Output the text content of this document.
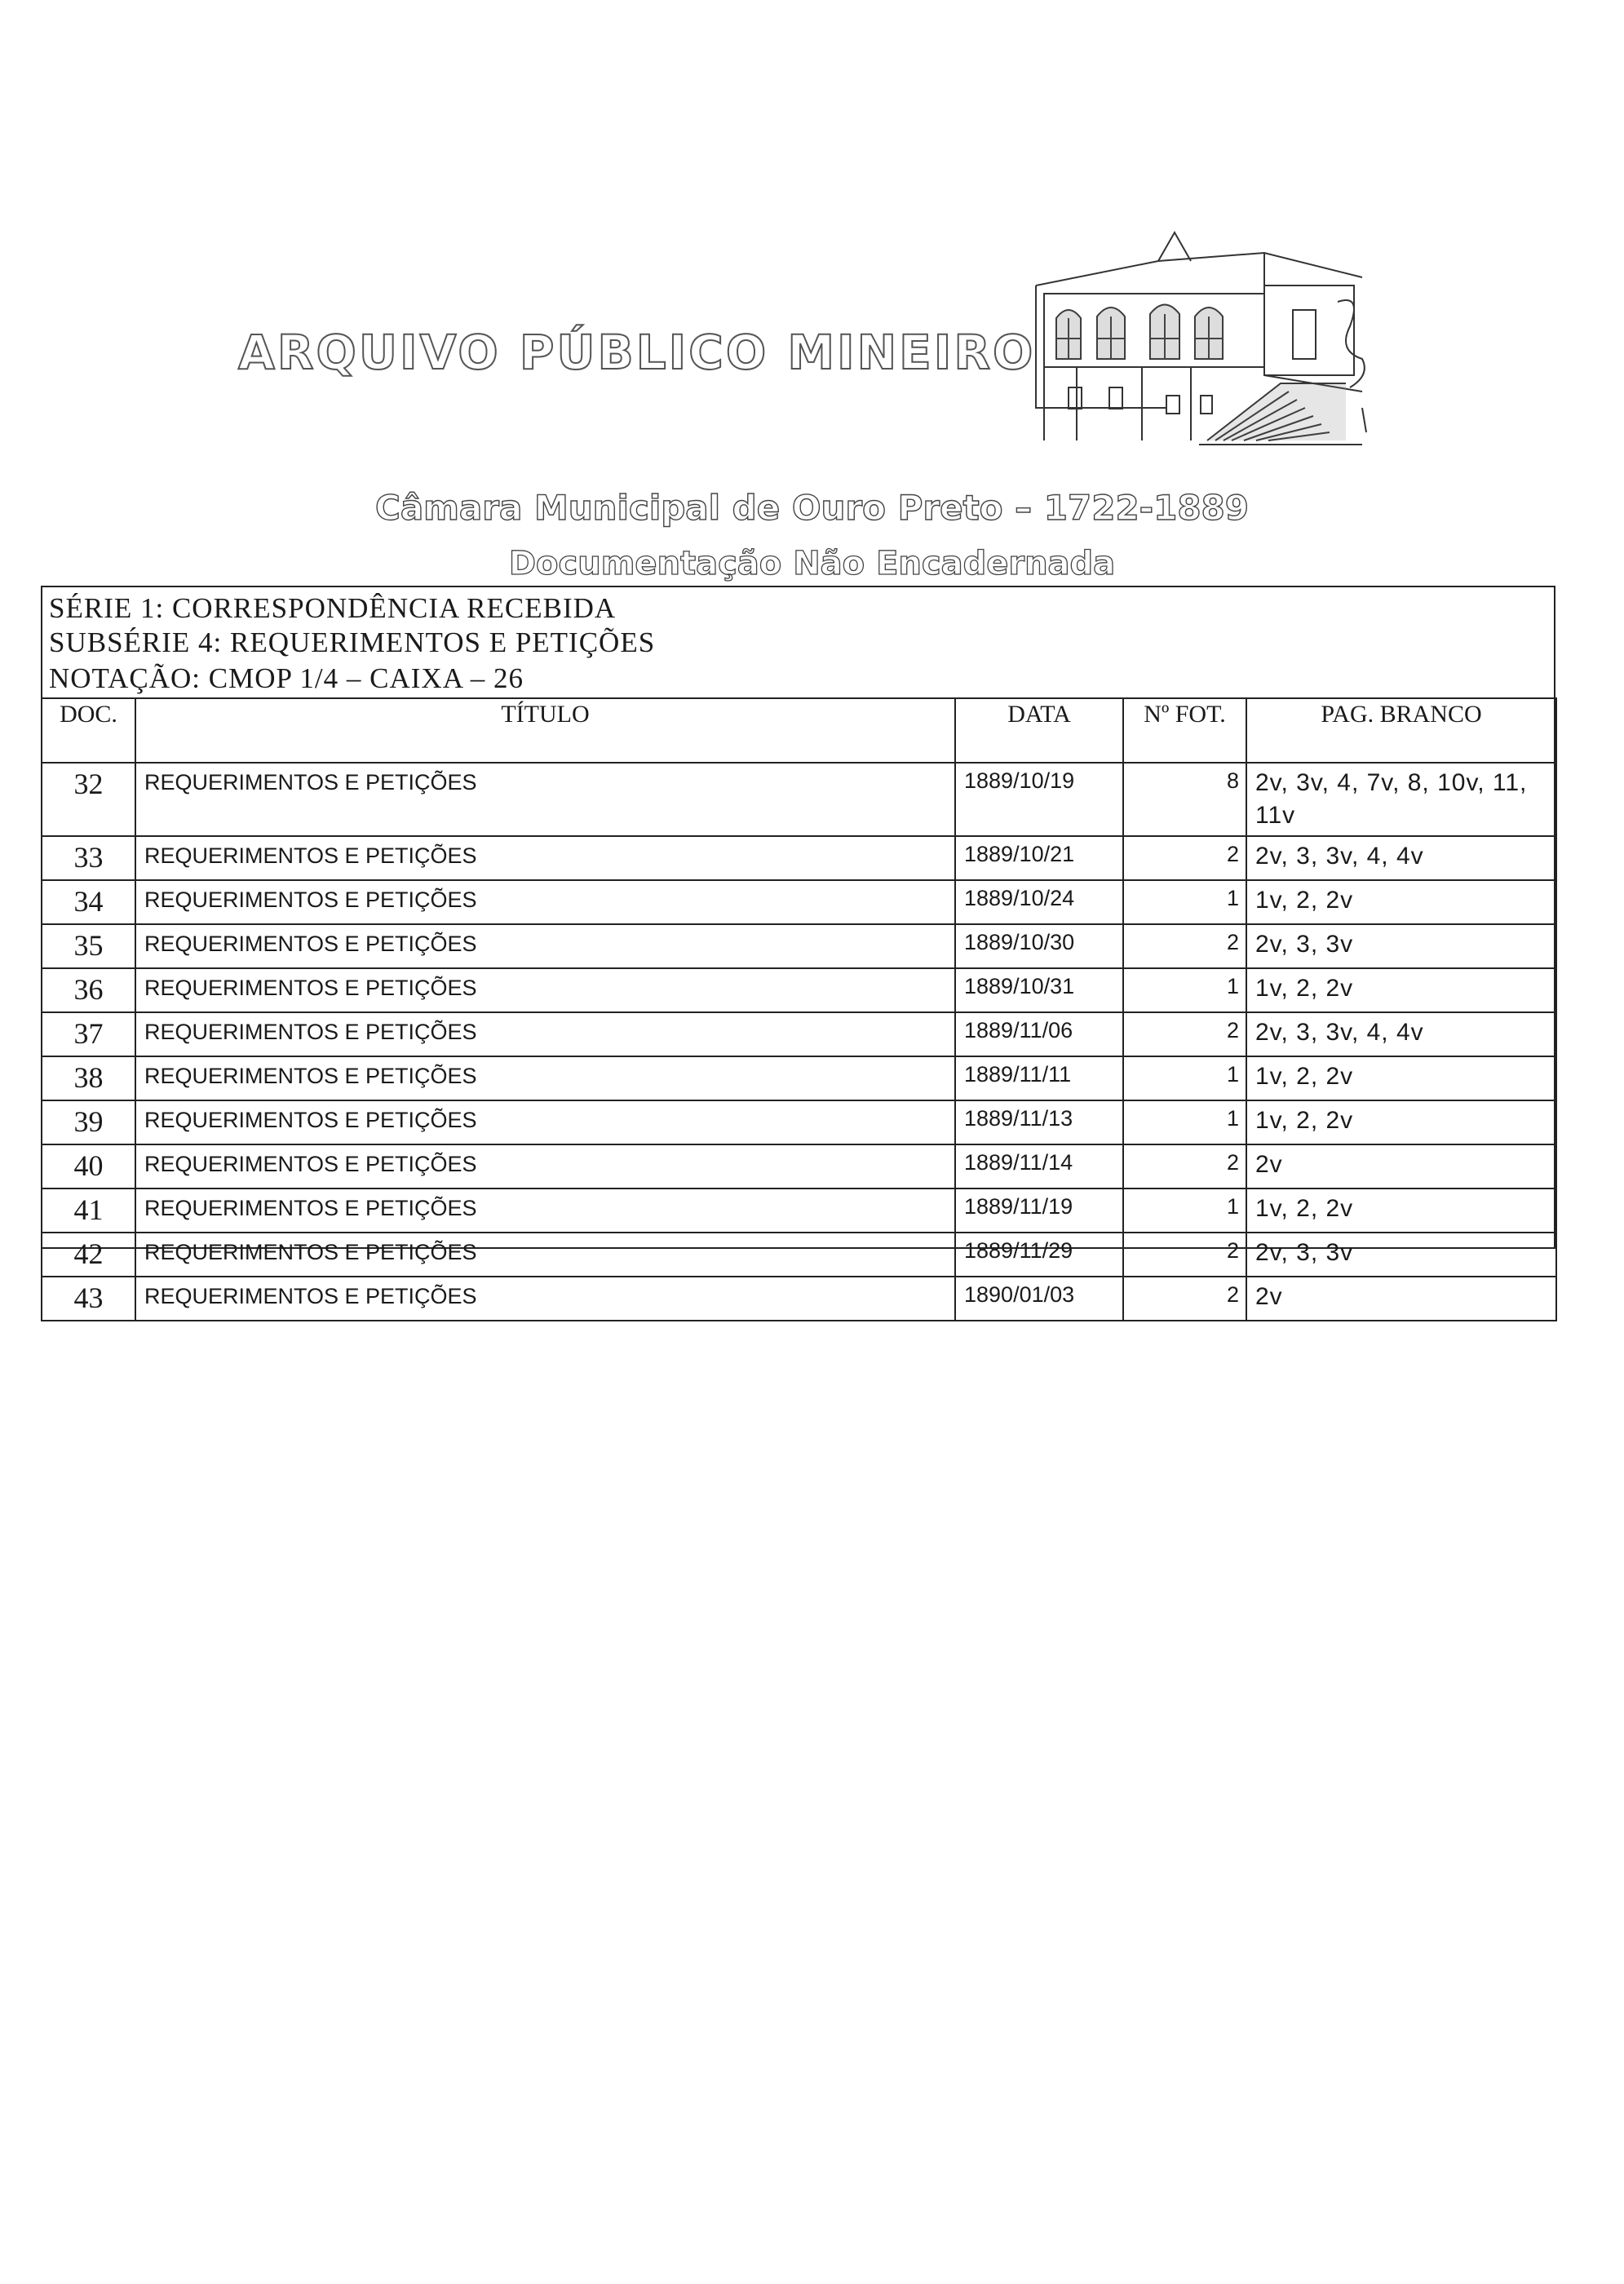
ARQUIVO PÚBLICO MINEIRO
Câmara Municipal de Ouro Preto – 1722-1889
Documentação Não Encadernada
SÉRIE 1: CORRESPONDÊNCIA RECEBIDA
SUBSÉRIE 4: REQUERIMENTOS E PETIÇÕES
NOTAÇÃO: CMOP 1/4 – CAIXA – 26
DOC.	TÍTULO	DATA	Nº FOT.	PAG. BRANCO
32	REQUERIMENTOS E PETIÇÕES	1889/10/19	8	2v, 3v, 4, 7v, 8, 10v, 11, 11v
33	REQUERIMENTOS E PETIÇÕES	1889/10/21	2	2v, 3, 3v, 4, 4v
34	REQUERIMENTOS E PETIÇÕES	1889/10/24	1	1v, 2, 2v
35	REQUERIMENTOS E PETIÇÕES	1889/10/30	2	2v, 3, 3v
36	REQUERIMENTOS E PETIÇÕES	1889/10/31	1	1v, 2, 2v
37	REQUERIMENTOS E PETIÇÕES	1889/11/06	2	2v, 3, 3v, 4, 4v
38	REQUERIMENTOS E PETIÇÕES	1889/11/11	1	1v, 2, 2v
39	REQUERIMENTOS E PETIÇÕES	1889/11/13	1	1v, 2, 2v
40	REQUERIMENTOS E PETIÇÕES	1889/11/14	2	2v
41	REQUERIMENTOS E PETIÇÕES	1889/11/19	1	1v, 2, 2v
42	REQUERIMENTOS E PETIÇÕES	1889/11/29	2	2v, 3, 3v
43	REQUERIMENTOS E PETIÇÕES	1890/01/03	2	2v
